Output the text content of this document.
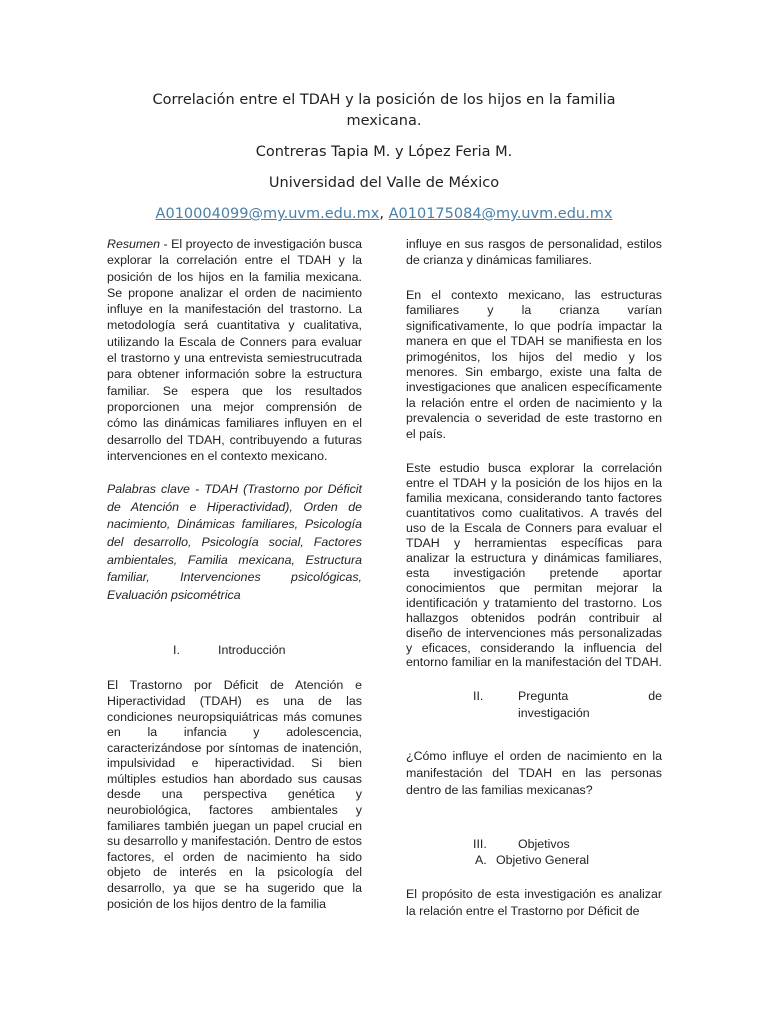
Correlación entre el TDAH y la posición de los hijos en la familia mexicana.
Contreras Tapia M. y López Feria M.
Universidad del Valle de México
A010004099@my.uvm.edu.mx, A010175084@my.uvm.edu.mx

Resumen - El proyecto de investigación busca explorar la correlación entre el TDAH y la posición de los hijos en la familia mexicana. Se propone analizar el orden de nacimiento influye en la manifestación del trastorno. La metodología será cuantitativa y cualitativa, utilizando la Escala de Conners para evaluar el trastorno y una entrevista semiestrucutrada para obtener información sobre la estructura familiar. Se espera que los resultados proporcionen una mejor comprensión de cómo las dinámicas familiares influyen en el desarrollo del TDAH, contribuyendo a futuras intervenciones en el contexto mexicano.

Palabras clave - TDAH (Trastorno por Déficit de Atención e Hiperactividad), Orden de nacimiento, Dinámicas familiares, Psicología del desarrollo, Psicología social, Factores ambientales, Familia mexicana, Estructura familiar, Intervenciones psicológicas, Evaluación psicométrica

I.	Introducción

El Trastorno por Déficit de Atención e Hiperactividad (TDAH) es una de las condiciones neuropsiquiátricas más comunes en la infancia y adolescencia, caracterizándose por síntomas de inatención, impulsividad e hiperactividad. Si bien múltiples estudios han abordado sus causas desde una perspectiva genética y neurobiológica, factores ambientales y familiares también juegan un papel crucial en su desarrollo y manifestación. Dentro de estos factores, el orden de nacimiento ha sido objeto de interés en la psicología del desarrollo, ya que se ha sugerido que la posición de los hijos dentro de la familia

influye en sus rasgos de personalidad, estilos de crianza y dinámicas familiares.

En el contexto mexicano, las estructuras familiares y la crianza varían significativamente, lo que podría impactar la manera en que el TDAH se manifiesta en los primogénitos, los hijos del medio y los menores. Sin embargo, existe una falta de investigaciones que analicen específicamente la relación entre el orden de nacimiento y la prevalencia o severidad de este trastorno en el país.

Este estudio busca explorar la correlación entre el TDAH y la posición de los hijos en la familia mexicana, considerando tanto factores cuantitativos como cualitativos. A través del uso de la Escala de Conners para evaluar el TDAH y herramientas específicas para analizar la estructura y dinámicas familiares, esta investigación pretende aportar conocimientos que permitan mejorar la identificación y tratamiento del trastorno. Los hallazgos obtenidos podrán contribuir al diseño de intervenciones más personalizadas y eficaces, considerando la influencia del entorno familiar en la manifestación del TDAH.

II.	Pregunta	de
investigación

¿Cómo influye el orden de nacimiento en la manifestación del TDAH en las personas dentro de las familias mexicanas?

III.	Objetivos
A. Objetivo General

El propósito de esta investigación es analizar la relación entre el Trastorno por Déficit de
